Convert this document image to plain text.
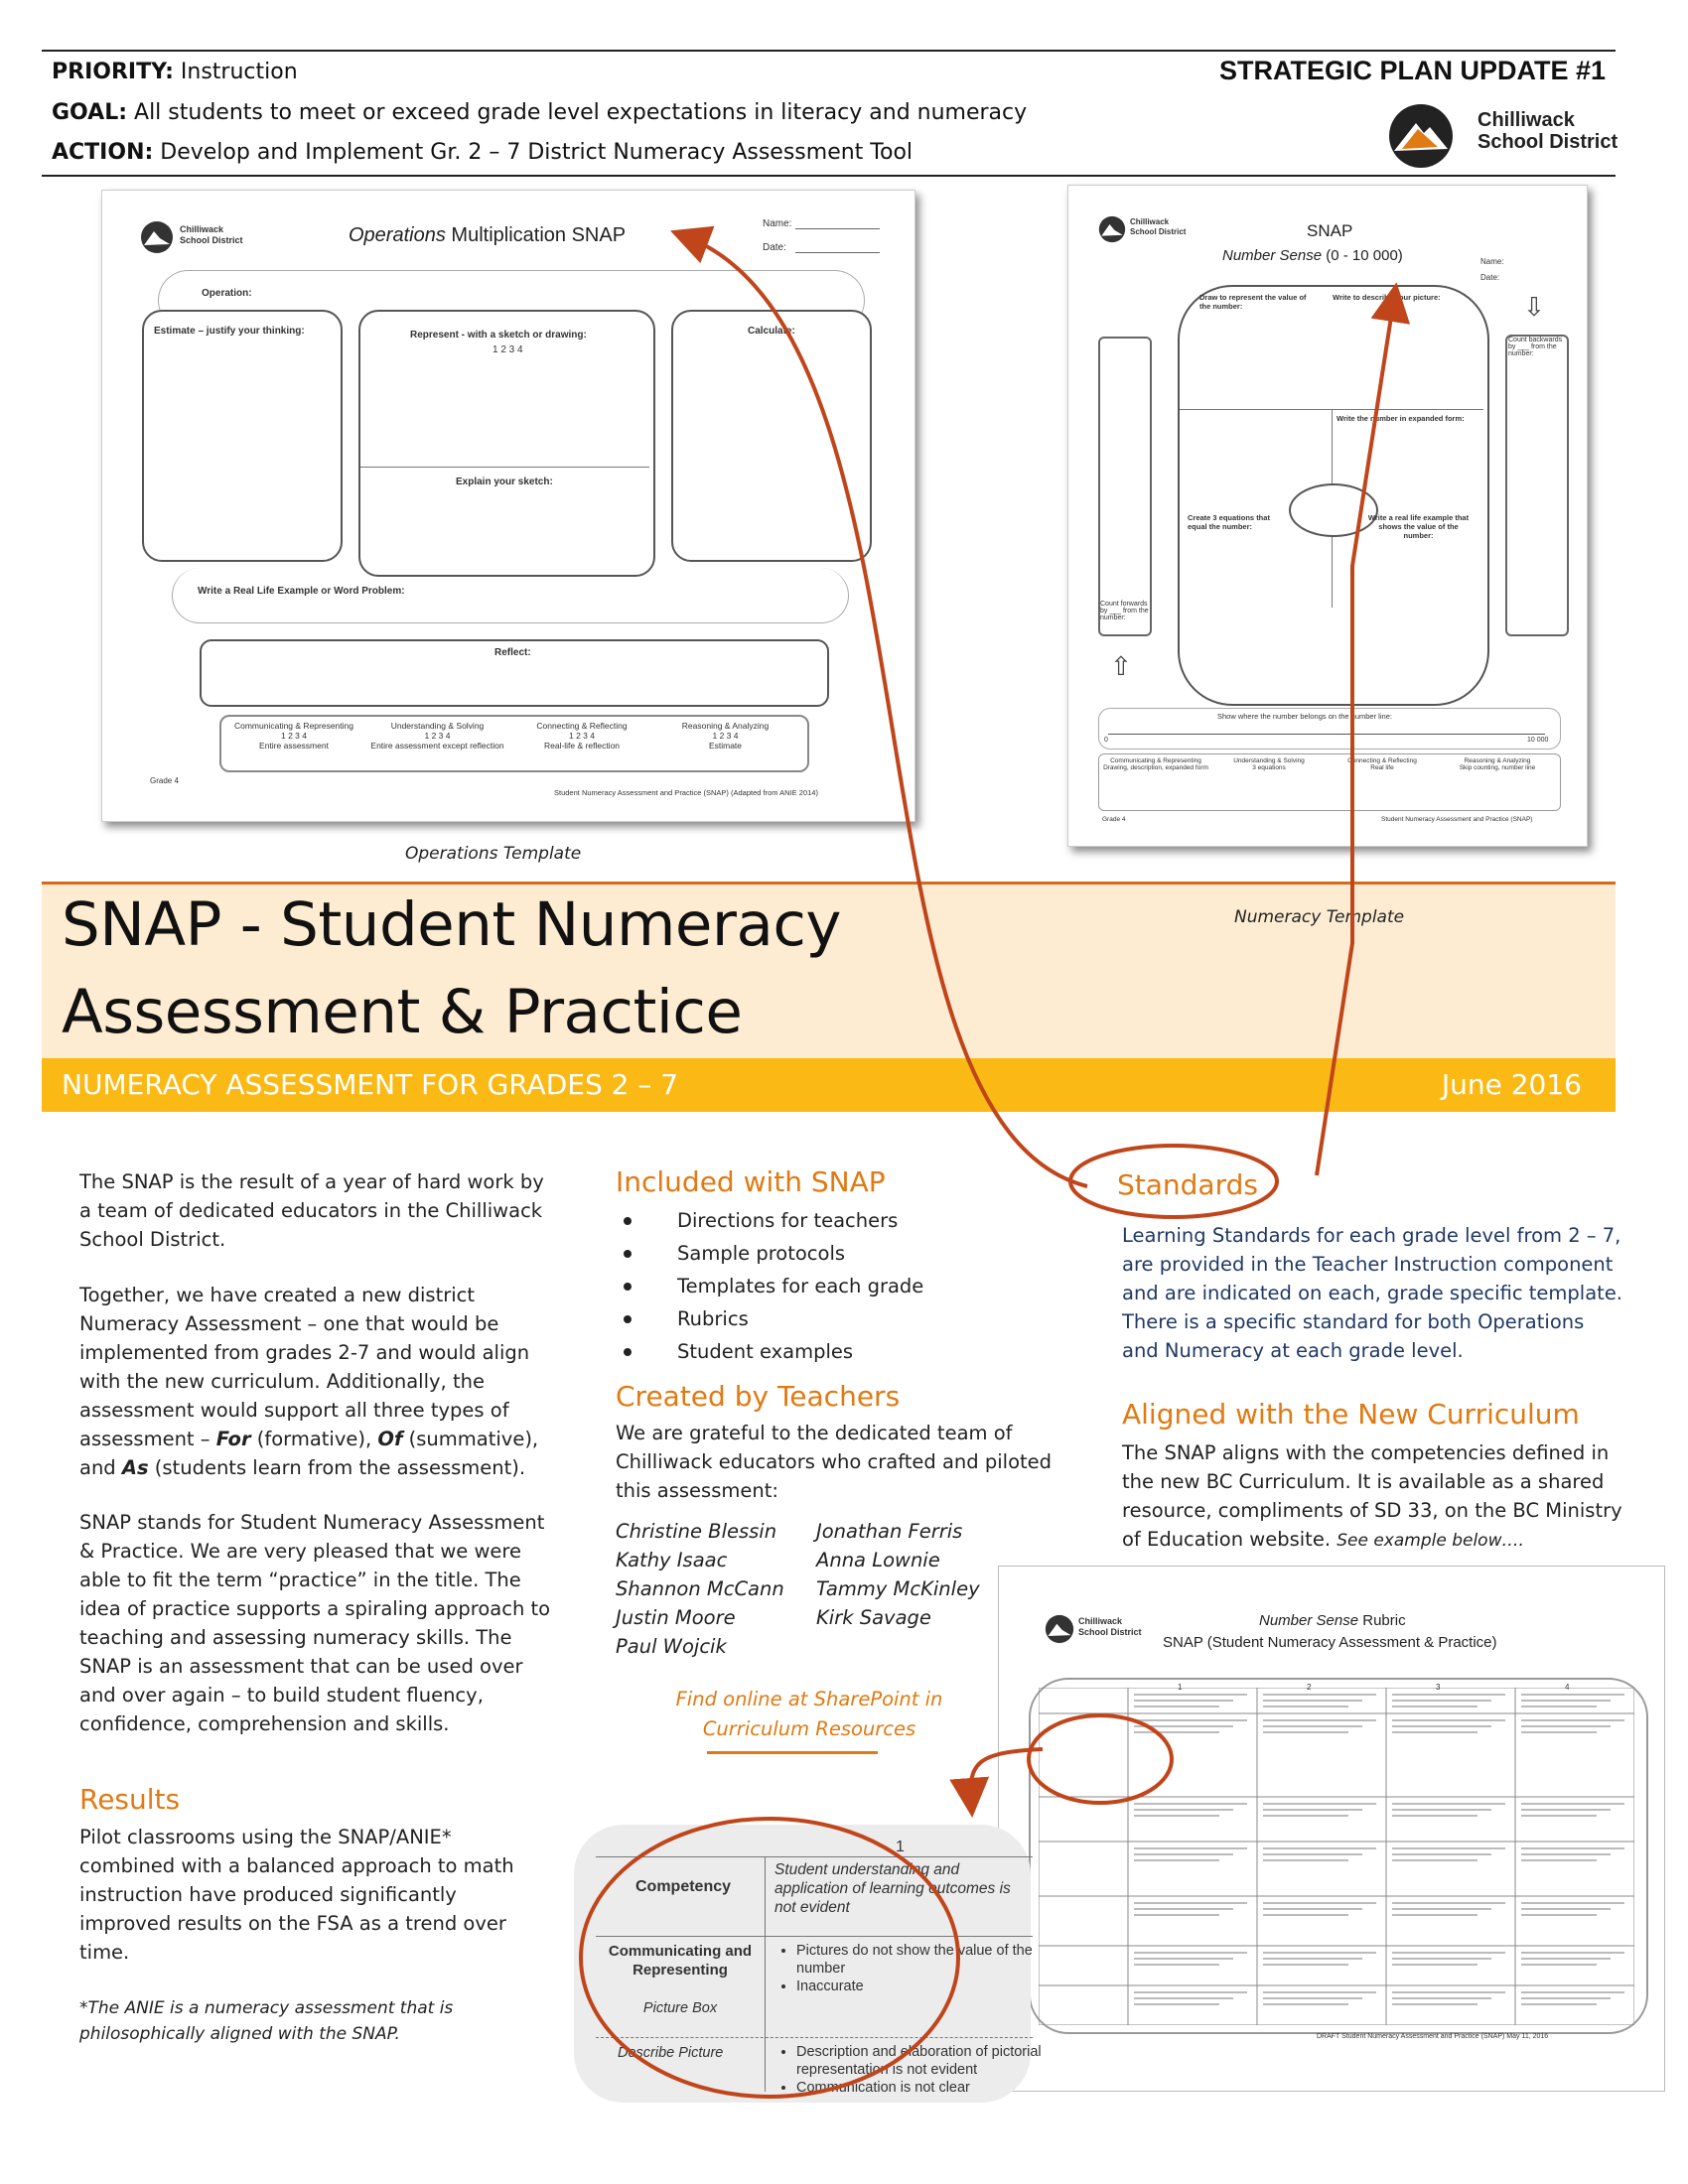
PRIORITY: Instruction
GOAL: All students to meet or exceed grade level expectations in literacy and numeracy
ACTION: Develop and Implement Gr. 2 – 7 District Numeracy Assessment Tool
STRATEGIC PLAN UPDATE #1
Chilliwack
School District
Chilliwack
School District	Operations Multiplication SNAP
Name:
Date:
Operation:
Estimate – justify your thinking:	Represent - with a sketch or drawing:
1 2 3 4
Explain your sketch:
Calculate:
Write a Real Life Example or Word Problem:
Reflect:
Communicating & Representing
1 2 3 4
Entire assessment
Understanding & Solving
1 2 3 4
Entire assessment except reflection
Connecting & Reflecting
1 2 3 4
Real-life & reflection
Reasoning & Analyzing
1 2 3 4
Estimate
Grade 4
Student Numeracy Assessment and Practice (SNAP) (Adapted from ANIE 2014)
Operations Template
Chilliwack
School District	SNAP
Number Sense (0 - 10 000)	Name:
Date:
Draw to represent the value of the number:
Write to describe your picture:
Write the number in expanded form:
Create 3 equations that equal the number:
Write a real life example that shows the value of the number:
Count forwards by ___ from the number:
⇧
⇩
Count backwards by ___ from the number:
Show where the number belongs on the number line:
0	10 000
Communicating & Representing
Drawing, description, expanded form
Understanding & Solving
3 equations
Connecting & Reflecting
Real life
Reasoning & Analyzing
Skip counting, number line
Grade 4	Student Numeracy Assessment and Practice (SNAP)
SNAP - Student Numeracy
Assessment & Practice
Numeracy Template
NUMERACY ASSESSMENT FOR GRADES 2 – 7	June 2016
The SNAP is the result of a year of hard work by a team of dedicated educators in the Chilliwack School District.
Together, we have created a new district Numeracy Assessment – one that would be implemented from grades 2-7 and would align with the new curriculum. Additionally, the assessment would support all three types of assessment – For (formative), Of (summative), and As (students learn from the assessment).
SNAP stands for Student Numeracy Assessment & Practice. We are very pleased that we were able to fit the term “practice” in the title. The idea of practice supports a spiraling approach to teaching and assessing numeracy skills. The SNAP is an assessment that can be used over and over again – to build student fluency, confidence, comprehension and skills.
Results
Pilot classrooms using the SNAP/ANIE* combined with a balanced approach to math instruction have produced significantly improved results on the FSA as a trend over time.
*The ANIE is a numeracy assessment that is philosophically aligned with the SNAP.
Included with SNAP
Directions for teachers
Sample protocols
Templates for each grade
Rubrics
Student examples
Created by Teachers
We are grateful to the dedicated team of Chilliwack educators who crafted and piloted this assessment:
Christine Blessin
Kathy Isaac
Shannon McCann
Justin Moore
Paul Wojcik
Jonathan Ferris
Anna Lownie
Tammy McKinley
Kirk Savage
Find online at SharePoint in
Curriculum Resources
Standards
Learning Standards for each grade level from 2 – 7, are provided in the Teacher Instruction component and are indicated on each, grade specific template. There is a specific standard for both Operations and Numeracy at each grade level.
Aligned with the New Curriculum
The SNAP aligns with the competencies defined in the new BC Curriculum. It is available as a shared resource, compliments of SD 33, on the BC Ministry of Education website. See example below….
Chilliwack
School District
Number Sense Rubric
SNAP (Student Numeracy Assessment & Practice)
1	2	3	4
DRAFT Student Numeracy Assessment and Practice (SNAP) May 11, 2016
1
Competency
Student understanding and application of learning outcomes is not evident
Communicating and Representing
Picture Box
• Pictures do not show the value of the number
• Inaccurate
Describe Picture
•	Description and elaboration of pictorial representation is not evident
• Communication is not clear
